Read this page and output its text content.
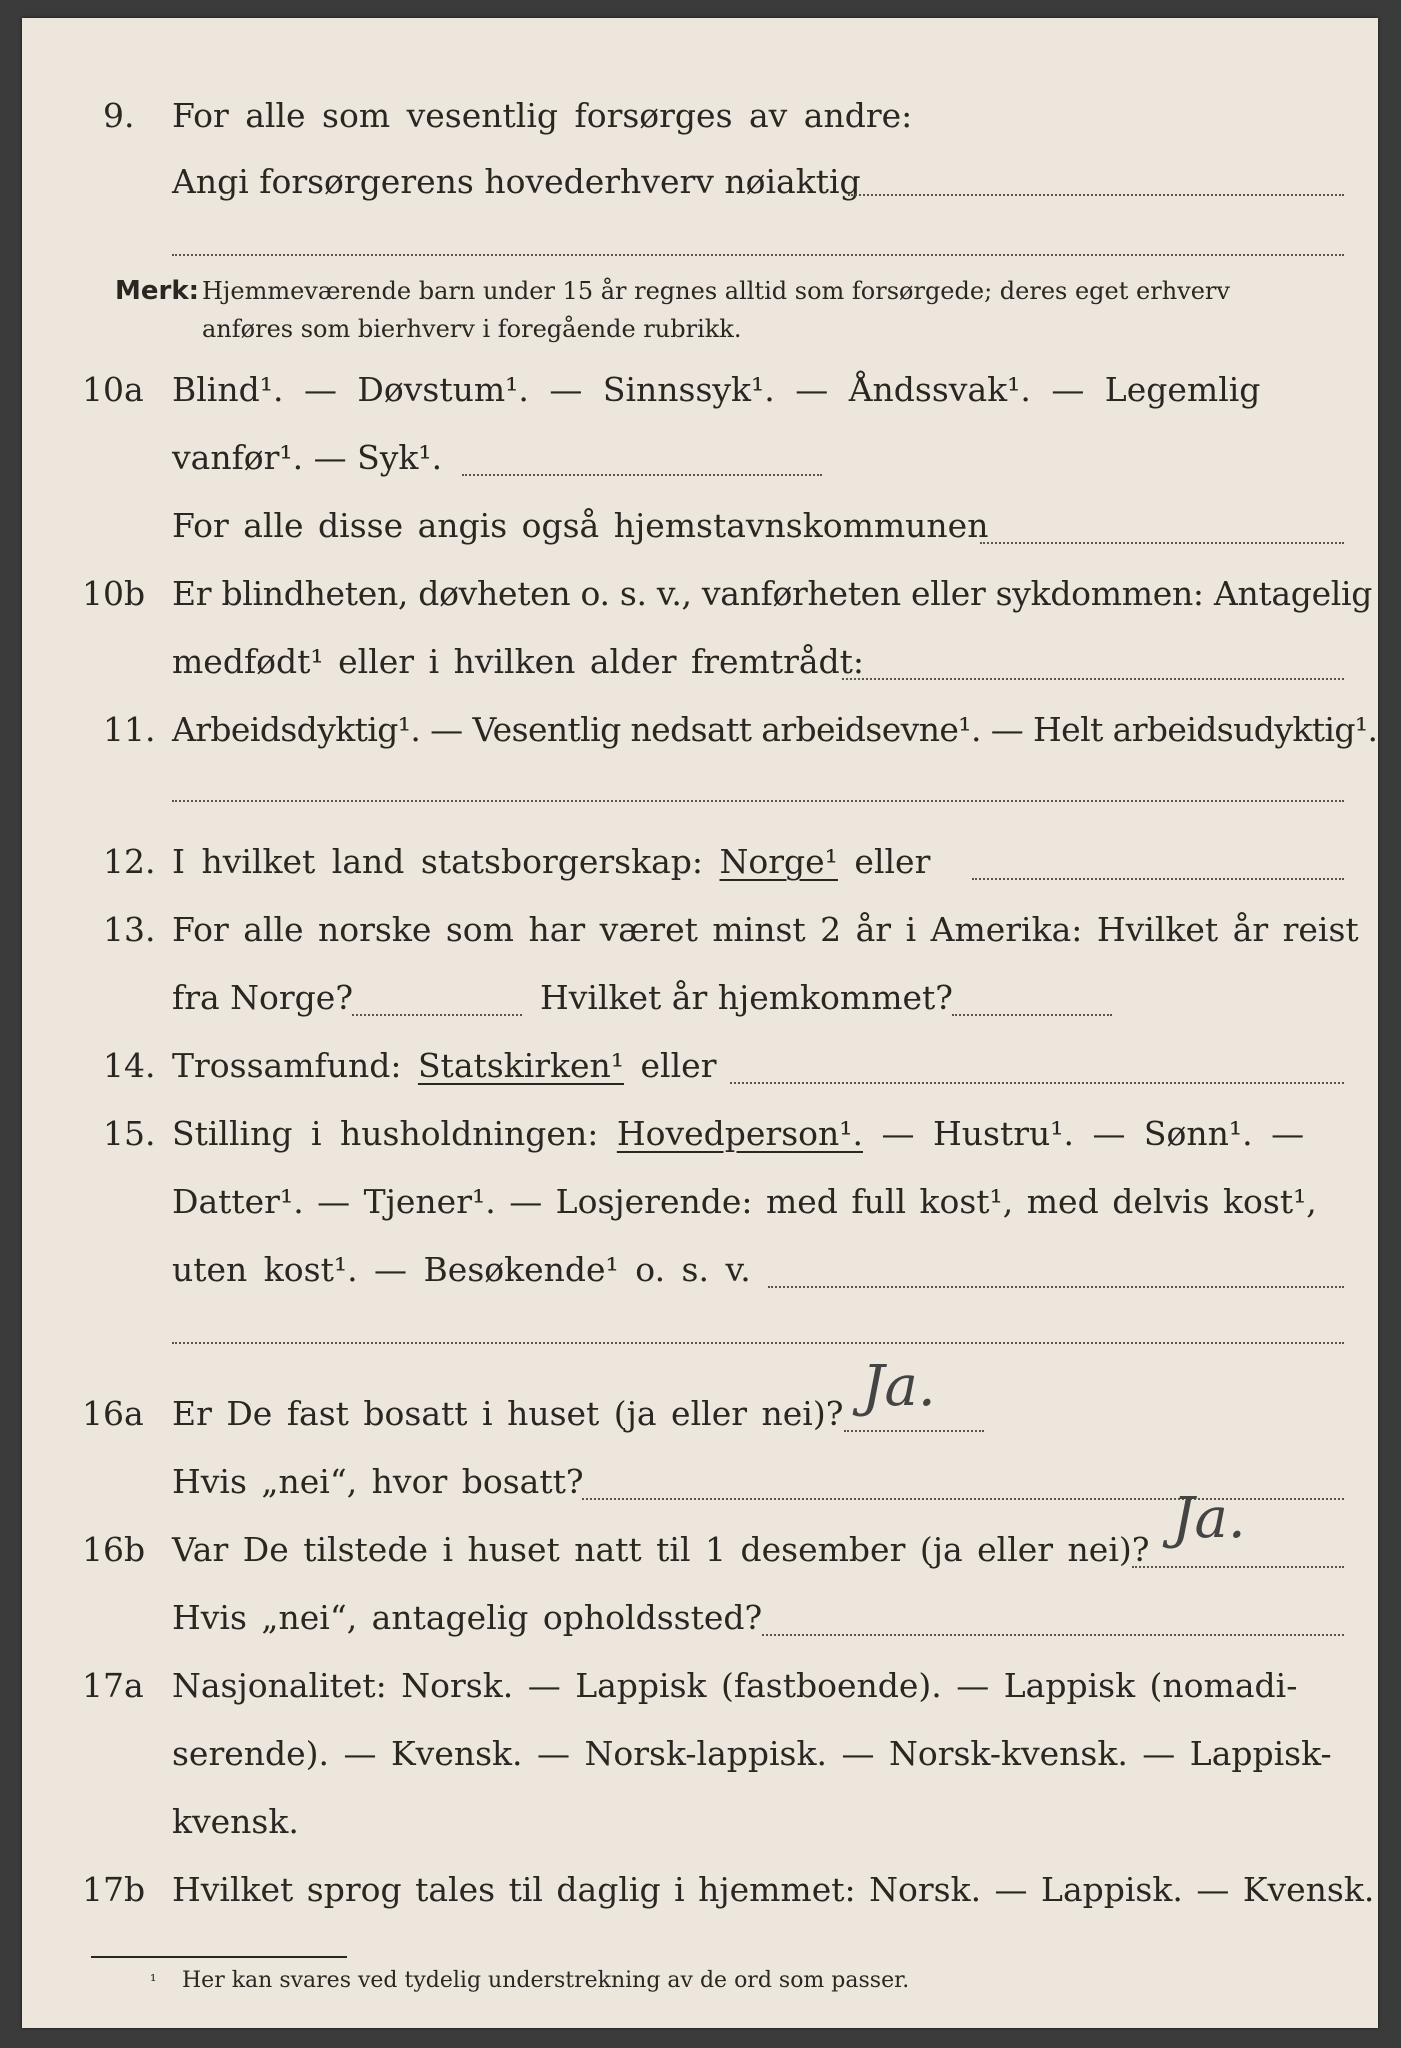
9. For alle som vesentlig forsørges av andre:
Angi forsørgerens hovederhverv nøiaktig
Merk: Hjemmeværende barn under 15 år regnes alltid som forsørgede; deres eget erhverv
anføres som bierhverv i foregående rubrikk.
10a Blind¹. — Døvstum¹. — Sinnssyk¹. — Åndssvak¹. — Legemlig
vanfør¹. — Syk¹.
For alle disse angis også hjemstavnskommunen
10b Er blindheten, døvheten o. s. v., vanførheten eller sykdommen: Antagelig
medfødt¹ eller i hvilken alder fremtrådt:
11. Arbeidsdyktig¹. — Vesentlig nedsatt arbeidsevne¹. — Helt arbeidsudyktig¹.
12. I hvilket land statsborgerskap: Norge¹ eller
13. For alle norske som har været minst 2 år i Amerika: Hvilket år reist
fra Norge?	Hvilket år hjemkommet?
14. Trossamfund: Statskirken¹ eller
15. Stilling i husholdningen: Hovedperson¹. — Hustru¹. — Sønn¹. —
Datter¹. — Tjener¹. — Losjerende: med full kost¹, med delvis kost¹,
uten kost¹. — Besøkende¹ o. s. v.
16a Er De fast bosatt i huset (ja eller nei)? Ja.
Hvis „nei“, hvor bosatt?
16b Var De tilstede i huset natt til 1 desember (ja eller nei)? Ja.
Hvis „nei“, antagelig opholdssted?
17a Nasjonalitet: Norsk. — Lappisk (fastboende). — Lappisk (nomadi-
serende). — Kvensk. — Norsk-lappisk. — Norsk-kvensk. — Lappisk-
kvensk.
17b Hvilket sprog tales til daglig i hjemmet: Norsk. — Lappisk. — Kvensk.
¹ Her kan svares ved tydelig understrekning av de ord som passer.
